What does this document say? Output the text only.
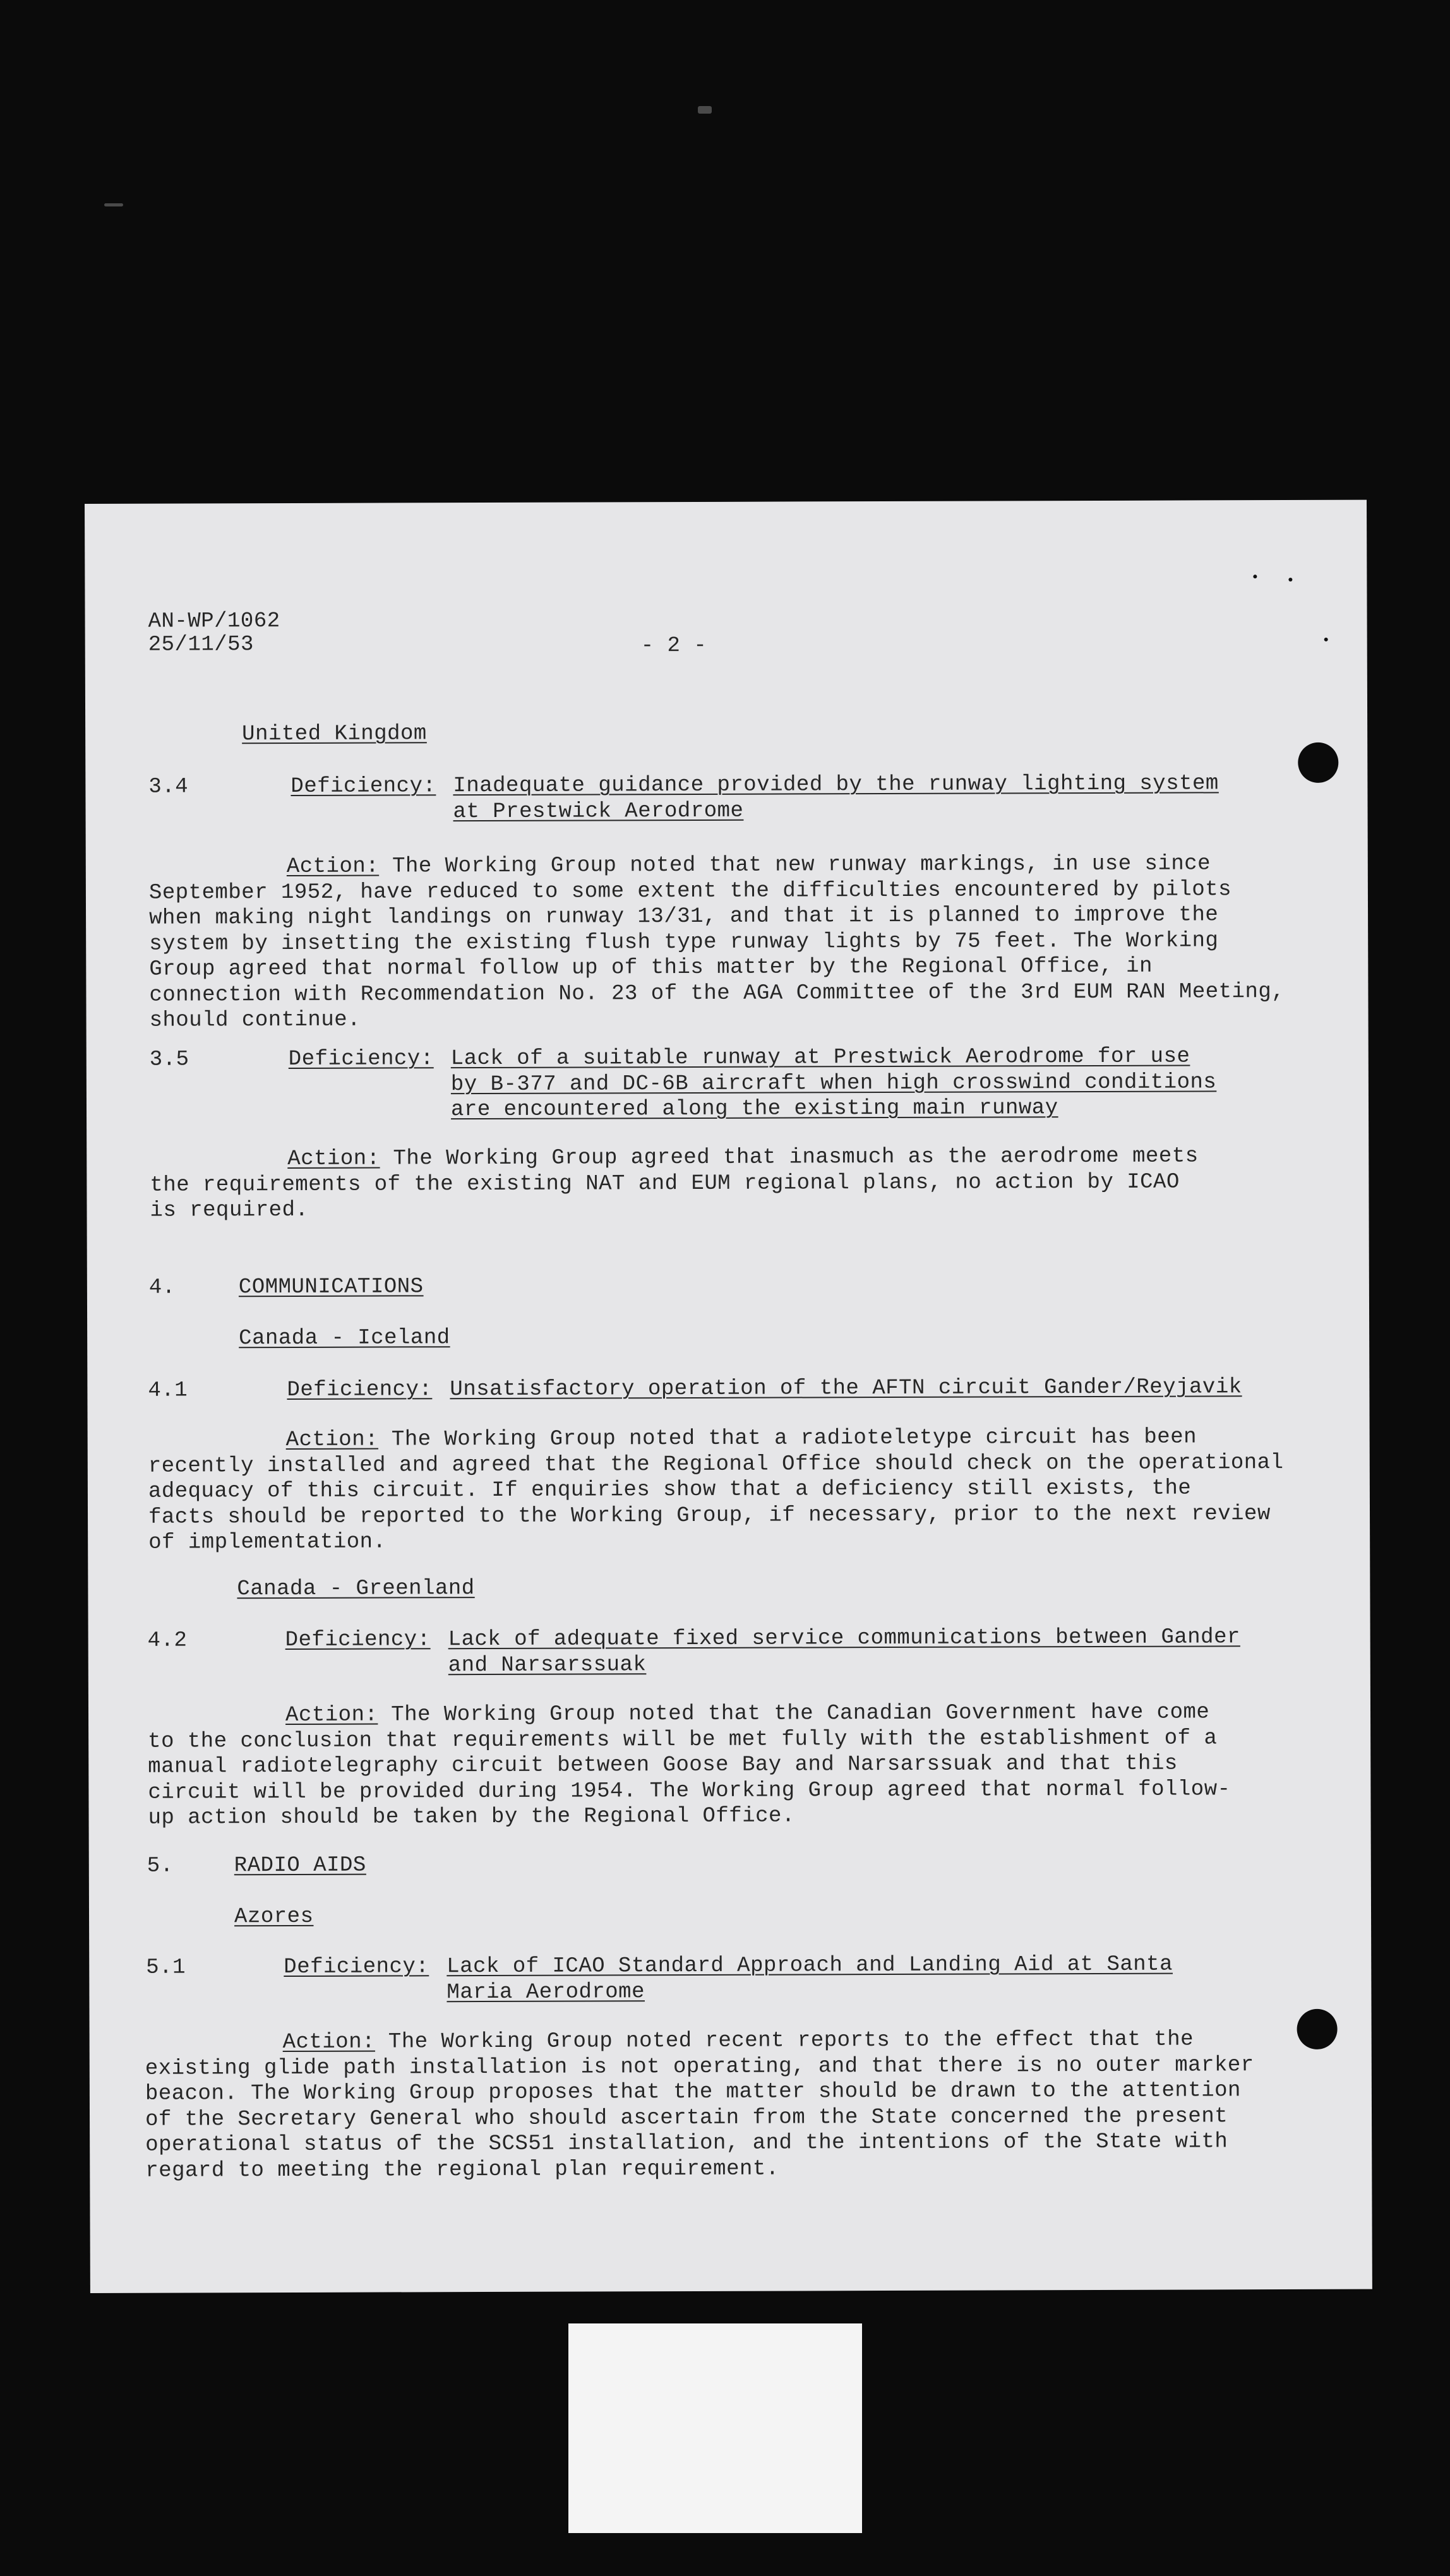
AN-WP/1062
25/11/53	- 2 -
United Kingdom
3.4	Deficiency: Inadequate guidance provided by the runway lighting system

at Prestwick Aerodrome

Action: The Working Group noted that new runway markings, in use since

September 1952, have reduced to some extent the difficulties encountered by pilots

when making night landings on runway 13/31, and that it is planned to improve the

system by insetting the existing flush type runway lights by 75 feet. The Working

Group agreed that normal follow up of this matter by the Regional Office, in

connection with Recommendation No. 23 of the AGA Committee of the 3rd EUM RAN Meeting,

should continue.

3.5	Deficiency: Lack of a suitable runway at Prestwick Aerodrome for use

by B-377 and DC-6B aircraft when high crosswind conditions

are encountered along the existing main runway

Action: The Working Group agreed that inasmuch as the aerodrome meets

the requirements of the existing NAT and EUM regional plans, no action by ICAO

is required.

4.	COMMUNICATIONS
Canada - Iceland
4.1	Deficiency: Unsatisfactory operation of the AFTN circuit Gander/Reyjavik

Action: The Working Group noted that a radioteletype circuit has been

recently installed and agreed that the Regional Office should check on the operational

adequacy of this circuit. If enquiries show that a deficiency still exists, the

facts should be reported to the Working Group, if necessary, prior to the next review

of implementation.

Canada - Greenland
4.2	Deficiency: Lack of adequate fixed service communications between Gander

and Narsarssuak

Action: The Working Group noted that the Canadian Government have come

to the conclusion that requirements will be met fully with the establishment of a

manual radiotelegraphy circuit between Goose Bay and Narsarssuak and that this

circuit will be provided during 1954. The Working Group agreed that normal follow-

up action should be taken by the Regional Office.

5.	RADIO AIDS
Azores
5.1	Deficiency: Lack of ICAO Standard Approach and Landing Aid at Santa

Maria Aerodrome

Action: The Working Group noted recent reports to the effect that the

existing glide path installation is not operating, and that there is no outer marker

beacon. The Working Group proposes that the matter should be drawn to the attention

of the Secretary General who should ascertain from the State concerned the present

operational status of the SCS51 installation, and the intentions of the State with

regard to meeting the regional plan requirement.
